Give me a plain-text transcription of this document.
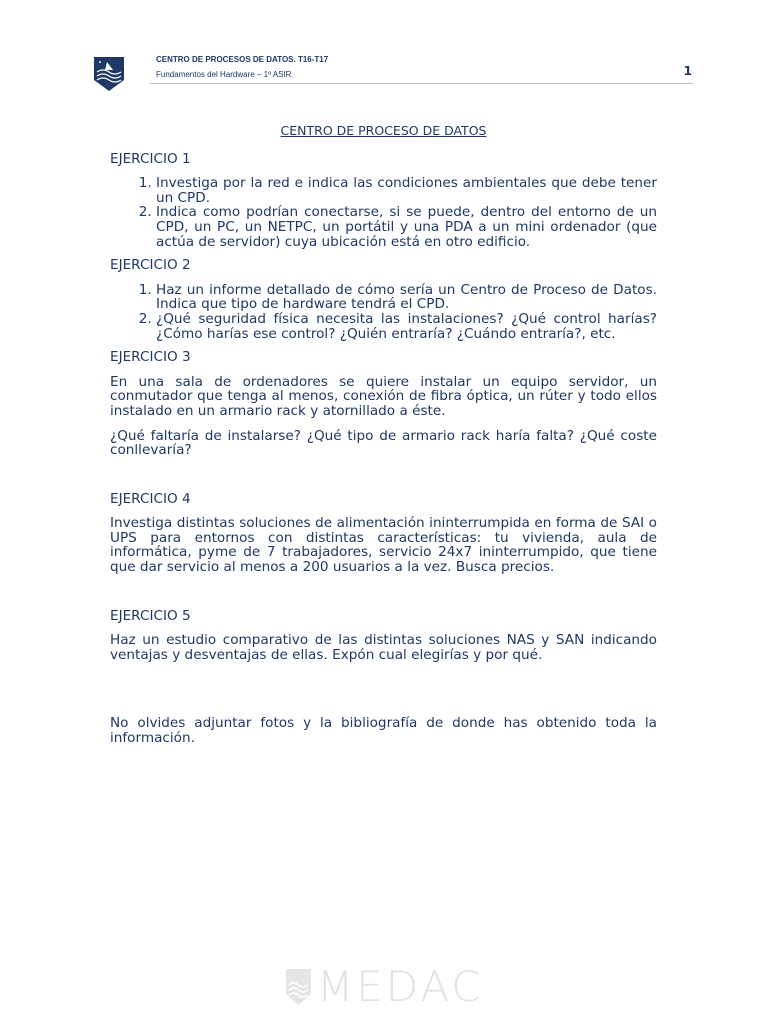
CENTRO DE PROCESOS DE DATOS. T16-T17
Fundamentos del Hardware – 1º ASIR	1
CENTRO DE PROCESO DE DATOS
EJERCICIO 1
1. Investiga por la red e indica las condiciones ambientales que debe tener un CPD.
2. Indica como podrían conectarse, si se puede, dentro del entorno de un CPD, un PC, un NETPC, un portátil y una PDA a un mini ordenador (que actúa de servidor) cuya ubicación está en otro edificio.
EJERCICIO 2
1. Haz un informe detallado de cómo sería un Centro de Proceso de Datos. Indica que tipo de hardware tendrá el CPD.
2. ¿Qué seguridad física necesita las instalaciones? ¿Qué control harías? ¿Cómo harías ese control? ¿Quién entraría? ¿Cuándo entraría?, etc.
EJERCICIO 3

En una sala de ordenadores se quiere instalar un equipo servidor, un conmutador que tenga al menos, conexión de fibra óptica, un rúter y todo ellos instalado en un armario rack y atornillado a éste.

¿Qué faltaría de instalarse? ¿Qué tipo de armario rack haría falta? ¿Qué coste conllevaría?

EJERCICIO 4

Investiga distintas soluciones de alimentación ininterrumpida en forma de SAI o UPS para entornos con distintas características: tu vivienda, aula de informática, pyme de 7 trabajadores, servicio 24x7 ininterrumpido, que tiene que dar servicio al menos a 200 usuarios a la vez. Busca precios.

EJERCICIO 5

Haz un estudio comparativo de las distintas soluciones NAS y SAN indicando ventajas y desventajas de ellas. Expón cual elegirías y por qué.

No olvides adjuntar fotos y la bibliografía de donde has obtenido toda la información.

MEDAC
